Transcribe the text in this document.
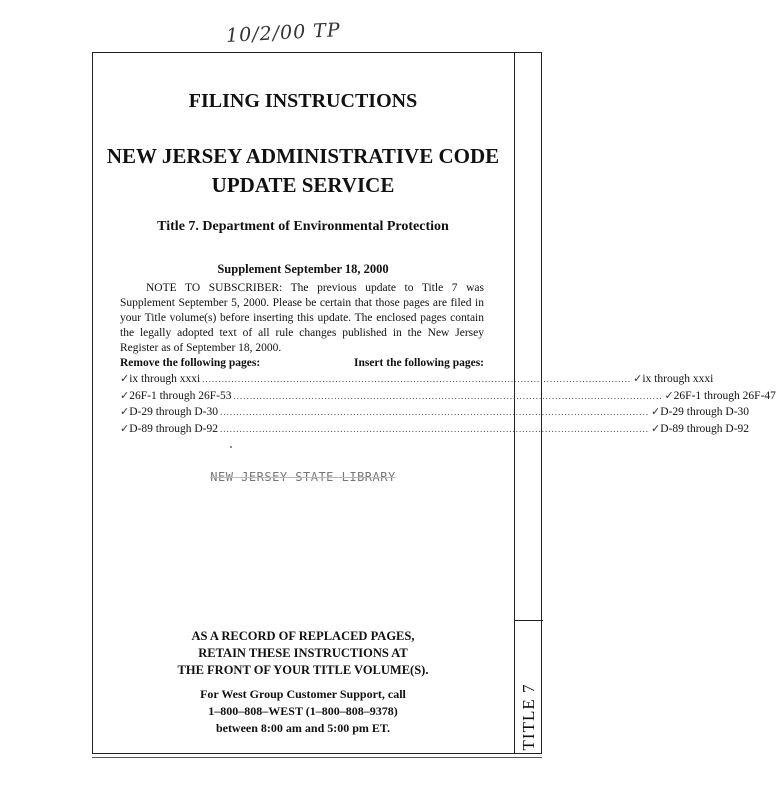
10/2/00 TP
TITLE 7
FILING INSTRUCTIONS
NEW JERSEY ADMINISTRATIVE CODE
UPDATE SERVICE
Title 7. Department of Environmental Protection
Supplement September 18, 2000
NOTE TO SUBSCRIBER: The previous update to Title 7 was Supplement September 5, 2000. Please be certain that those pages are filed in your Title volume(s) before inserting this update. The enclosed pages contain the legally adopted text of all rule changes published in the New Jersey Register as of September 18, 2000.
Remove the following pages:	Insert the following pages:
✓ ix through xxxi .................................................................................................................................... ✓ ix through xxxi
✓ 26F-1 through 26F-53 .................................................................................................................................... ✓ 26F-1 through 26F-47
✓ D-29 through D-30 .................................................................................................................................... ✓ D-29 through D-30
✓ D-89 through D-92 .................................................................................................................................... ✓ D-89 through D-92
NEW JERSEY STATE LIBRARY
AS A RECORD OF REPLACED PAGES,
RETAIN THESE INSTRUCTIONS AT
THE FRONT OF YOUR TITLE VOLUME(S).
For West Group Customer Support, call
1–800–808–WEST (1–800–808–9378)
between 8:00 am and 5:00 pm ET.
